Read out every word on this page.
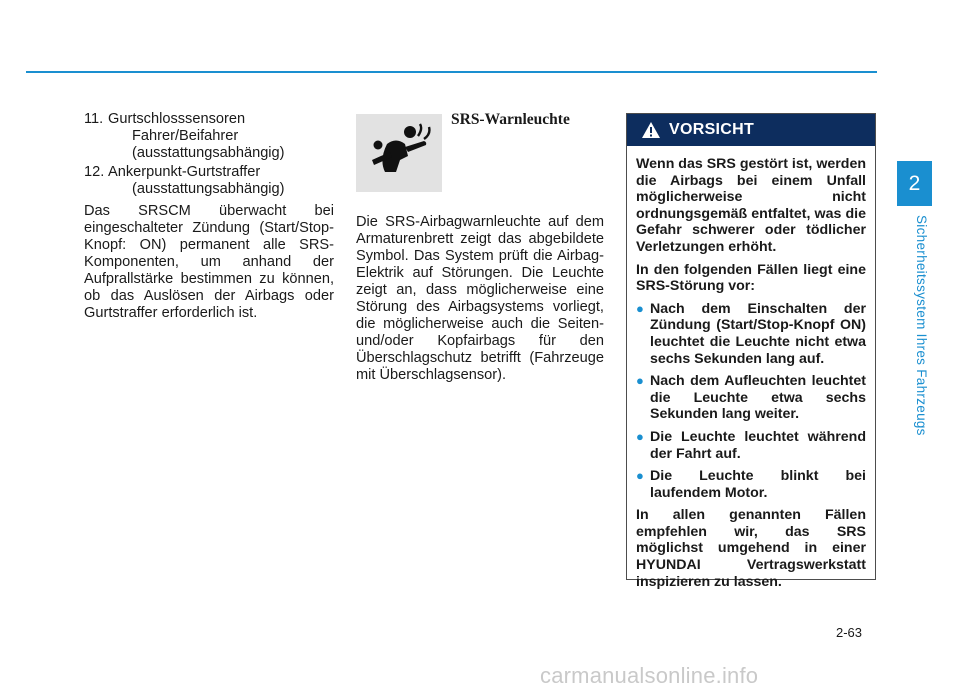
11. Gurtschlosssensoren
Fahrer/Beifahrer
(ausstattungsabhängig)
12. Ankerpunkt-Gurtstraffer
(ausstattungsabhängig)
Das SRSCM überwacht bei eingeschalteter Zündung (Start/Stop-Knopf: ON) permanent alle SRS-Komponenten, um anhand der Aufprallstärke bestimmen zu können, ob das Auslösen der Airbags oder Gurtstraffer erforderlich ist.
SRS-Warnleuchte
Die SRS-Airbagwarnleuchte auf dem Armaturenbrett zeigt das abgebildete Symbol. Das System prüft die Airbag-Elektrik auf Störungen. Die Leuchte zeigt an, dass möglicherweise eine Störung des Airbagsystems vorliegt, die möglicherweise auch die Seiten- und/oder Kopfairbags für den Überschlagschutz betrifft (Fahrzeuge mit Überschlagsensor).
VORSICHT

Wenn das SRS gestört ist, werden die Airbags bei einem Unfall möglicherweise nicht ordnungsgemäß entfaltet, was die Gefahr schwerer oder tödlicher Verletzungen erhöht.

In den folgenden Fällen liegt eine SRS-Störung vor:

● Nach dem Einschalten der Zündung (Start/Stop-Knopf ON) leuchtet die Leuchte nicht etwa sechs Sekunden lang auf.
● Nach dem Aufleuchten leuchtet die Leuchte etwa sechs Sekunden lang weiter.
● Die Leuchte leuchtet während der Fahrt auf.
● Die Leuchte blinkt bei laufendem Motor.

In allen genannten Fällen empfehlen wir, das SRS möglichst umgehend in einer HYUNDAI Vertragswerkstatt inspizieren zu lassen.

2
Sicherheitssystem Ihres Fahrzeugs
2-63
carmanualsonline.info
